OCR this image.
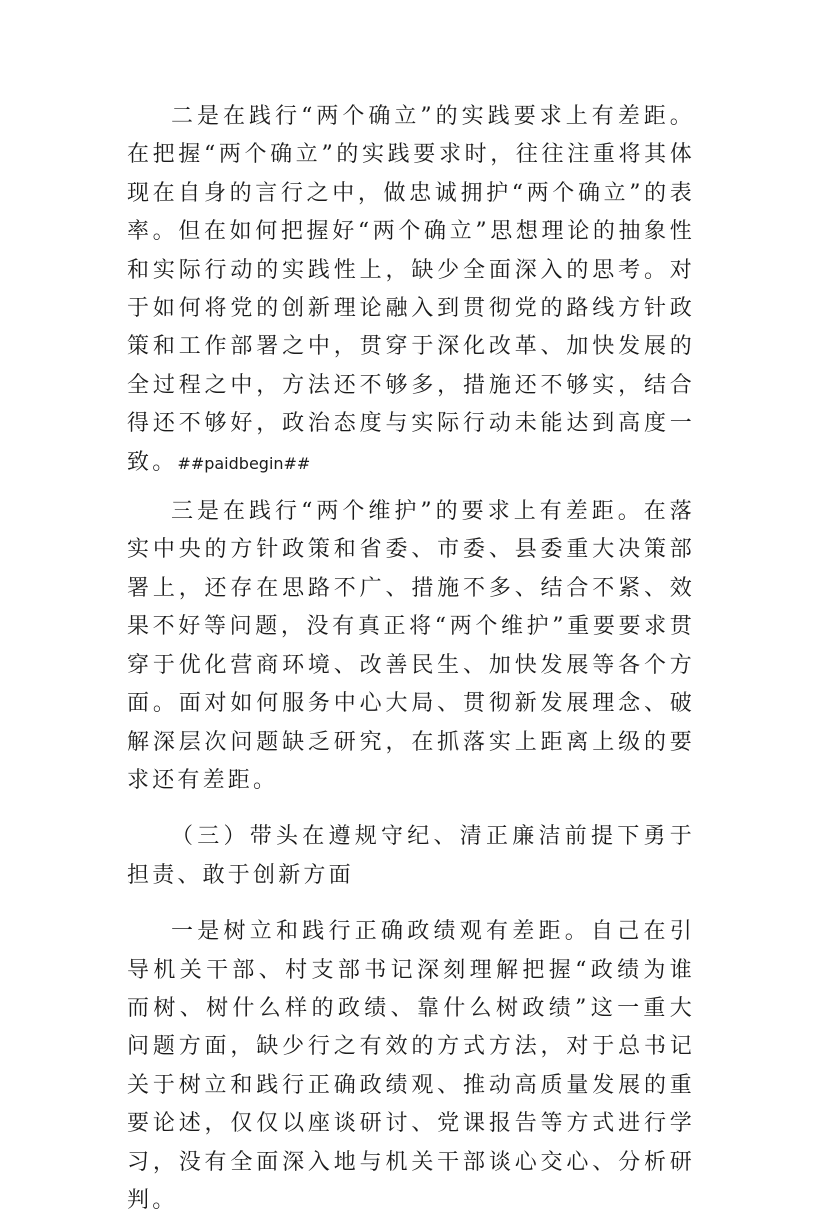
二是在践行“两个确立”的实践要求上有差距。在把握“两个确立”的实践要求时，往往注重将其体现在自身的言行之中，做忠诚拥护“两个确立”的表率。但在如何把握好“两个确立”思想理论的抽象性和实际行动的实践性上，缺少全面深入的思考。对于如何将党的创新理论融入到贯彻党的路线方针政策和工作部署之中，贯穿于深化改革、加快发展的全过程之中，方法还不够多，措施还不够实，结合得还不够好，政治态度与实际行动未能达到高度一致。##paidbegin##

三是在践行“两个维护”的要求上有差距。在落实中央的方针政策和省委、市委、县委重大决策部署上，还存在思路不广、措施不多、结合不紧、效果不好等问题，没有真正将“两个维护”重要要求贯穿于优化营商环境、改善民生、加快发展等各个方面。面对如何服务中心大局、贯彻新发展理念、破解深层次问题缺乏研究，在抓落实上距离上级的要求还有差距。

（三）带头在遵规守纪、清正廉洁前提下勇于担责、敢于创新方面

一是树立和践行正确政绩观有差距。自己在引导机关干部、村支部书记深刻理解把握“政绩为谁而树、树什么样的政绩、靠什么树政绩”这一重大问题方面，缺少行之有效的方式方法，对于总书记关于树立和践行正确政绩观、推动高质量发展的重要论述，仅仅以座谈研讨、党课报告等方式进行学习，没有全面深入地与机关干部谈心交心、分析研判。
